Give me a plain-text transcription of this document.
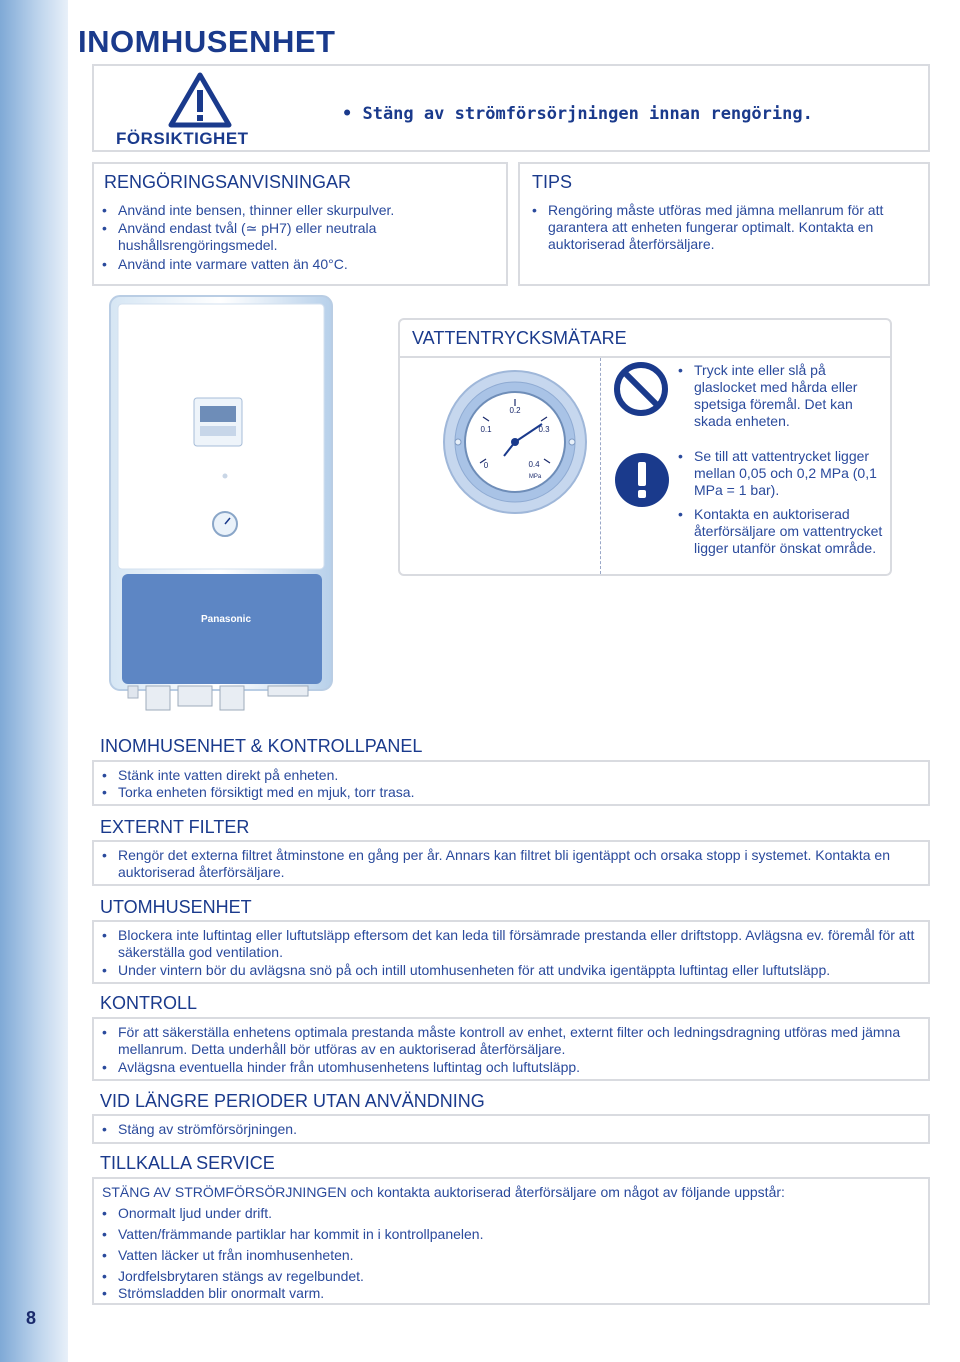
8
INOMHUSENHET
FÖRSIKTIGHET
• Stäng av strömförsörjningen innan rengöring.
RENGÖRINGSANVISNINGAR
• Använd inte bensen, thinner eller skurpulver.
• Använd endast tvål (≃ pH7) eller neutrala hushållsrengöringsmedel.
• Använd inte varmare vatten än 40°C.
TIPS
• Rengöring måste utföras med jämna mellanrum för att garantera att enheten fungerar optimalt. Kontakta en auktoriserad återförsäljare.
Panasonic
VATTENTRYCKSMÄTARE
0
0.1
0.2
0.3
0.4
MPa
• Tryck inte eller slå på glaslocket med hårda eller spetsiga föremål. Det kan skada enheten.
• Se till att vattentrycket ligger mellan 0,05 och 0,2 MPa (0,1 MPa = 1 bar).
• Kontakta en auktoriserad återförsäljare om vattentrycket ligger utanför önskat område.
INOMHUSENHET & KONTROLLPANEL
• Stänk inte vatten direkt på enheten.
• Torka enheten försiktigt med en mjuk, torr trasa.
EXTERNT FILTER
• Rengör det externa filtret åtminstone en gång per år. Annars kan filtret bli igentäppt och orsaka stopp i systemet. Kontakta en auktoriserad återförsäljare.
UTOMHUSENHET
• Blockera inte luftintag eller luftutsläpp eftersom det kan leda till försämrade prestanda eller driftstopp. Avlägsna ev. föremål för att säkerställa god ventilation.
• Under vintern bör du avlägsna snö på och intill utomhusenheten för att undvika igentäppta luftintag eller luftutsläpp.
KONTROLL
• För att säkerställa enhetens optimala prestanda måste kontroll av enhet, externt filter och ledningsdragning utföras med jämna mellanrum. Detta underhåll bör utföras av en auktoriserad återförsäljare.
• Avlägsna eventuella hinder från utomhusenhetens luftintag och luftutsläpp.
VID LÄNGRE PERIODER UTAN ANVÄNDNING
• Stäng av strömförsörjningen.
TILLKALLA SERVICE
STÄNG AV STRÖMFÖRSÖRJNINGEN och kontakta auktoriserad återförsäljare om något av följande uppstår:
• Onormalt ljud under drift.
• Vatten/främmande partiklar har kommit in i kontrollpanelen.
• Vatten läcker ut från inomhusenheten.
• Jordfelsbrytaren stängs av regelbundet.
• Strömsladden blir onormalt varm.
